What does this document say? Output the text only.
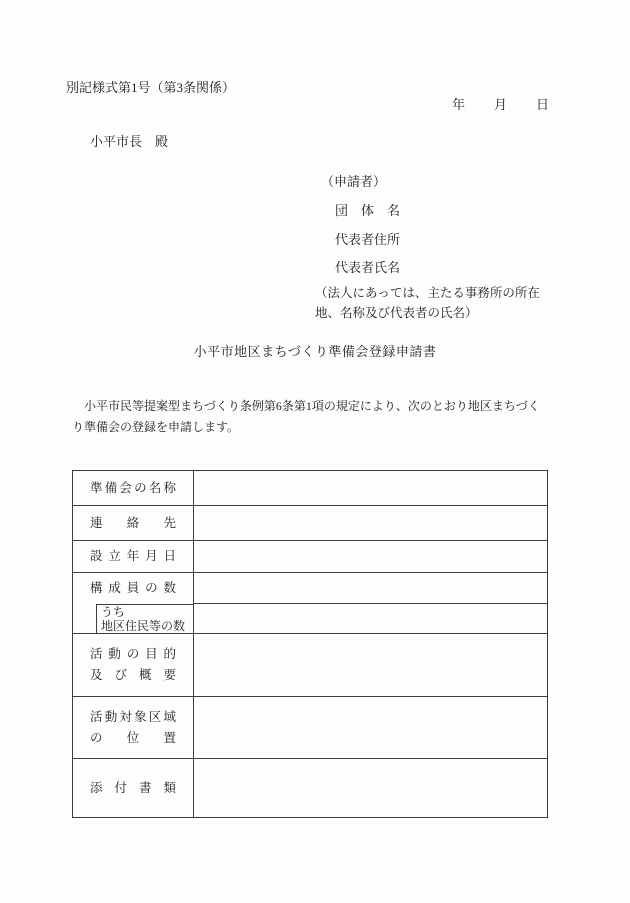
別記様式第1号（第3条関係）
年　　月　　日
小平市長　殿
（申請者）
団　体　名
代表者住所
代表者氏名
（法人にあっては、主たる事務所の所在地、名称及び代表者の氏名）
小平市地区まちづくり準備会登録申請書
　小平市民等提案型まちづくり条例第6条第1項の規定により、次のとおり地区まちづく
り準備会の登録を申請します。
準備会の名称
連絡先
設立年月日
構成員の数
うち
地区住民等の数
活動の目的
及び概要
活動対象区域
の位置
添付書類
